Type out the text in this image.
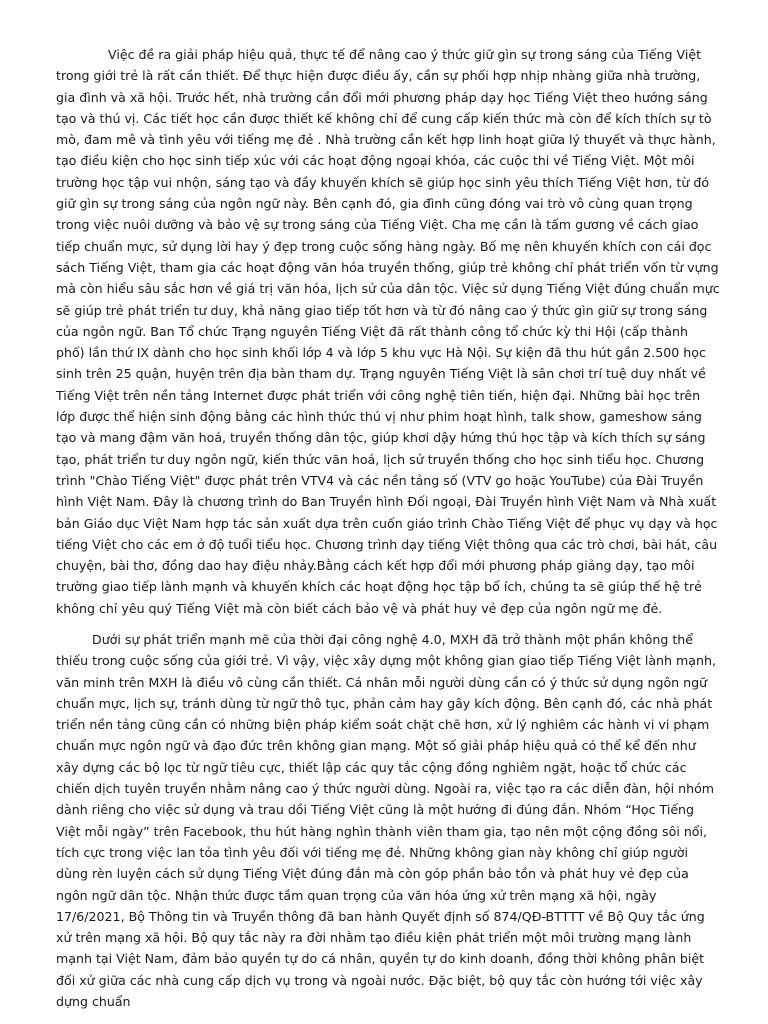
Việc đề ra giải pháp hiệu quả, thực tế để nâng cao ý thức giữ gìn sự trong sáng của Tiếng Việt trong giới trẻ là rất cần thiết. Để thực hiện được điều ấy, cần sự phối hợp nhịp nhàng giữa nhà trường, gia đình và xã hội. Trước hết, nhà trường cần đổi mới phương pháp dạy học Tiếng Việt theo hướng sáng tạo và thú vị. Các tiết học cần được thiết kế không chỉ để cung cấp kiến thức mà còn để kích thích sự tò mò, đam mê và tình yêu với tiếng mẹ đẻ . Nhà trường cần kết hợp linh hoạt giữa lý thuyết và thực hành, tạo điều kiện cho học sinh tiếp xúc với các hoạt động ngoại khóa, các cuộc thi về Tiếng Việt. Một môi trường học tập vui nhộn, sáng tạo và đầy khuyến khích sẽ giúp học sinh yêu thích Tiếng Việt hơn, từ đó giữ gìn sự trong sáng của ngôn ngữ này. Bên cạnh đó, gia đình cũng đóng vai trò vô cùng quan trọng trong việc nuôi dưỡng và bảo vệ sự trong sáng của Tiếng Việt. Cha mẹ cần là tấm gương về cách giao tiếp chuẩn mực, sử dụng lời hay ý đẹp trong cuộc sống hàng ngày. Bố mẹ nên khuyến khích con cái đọc sách Tiếng Việt, tham gia các hoạt động văn hóa truyền thống, giúp trẻ không chỉ phát triển vốn từ vựng mà còn hiểu sâu sắc hơn về giá trị văn hóa, lịch sử của dân tộc. Việc sử dụng Tiếng Việt đúng chuẩn mực sẽ giúp trẻ phát triển tư duy, khả năng giao tiếp tốt hơn và từ đó nâng cao ý thức gìn giữ sự trong sáng của ngôn ngữ. Ban Tổ chức Trạng nguyên Tiếng Việt đã rất thành công tổ chức kỳ thi Hội (cấp thành phố) lần thứ IX dành cho học sinh khối lớp 4 và lớp 5 khu vực Hà Nội. Sự kiện đã thu hút gần 2.500 học sinh trên 25 quận, huyện trên địa bàn tham dự. Trạng nguyên Tiếng Việt là sân chơi trí tuệ duy nhất về Tiếng Việt trên nền tảng Internet được phát triển với công nghệ tiên tiến, hiện đại. Những bài học trên lớp được thể hiện sinh động bằng các hình thức thú vị như phim hoạt hình, talk show, gameshow sáng tạo và mang đậm văn hoá, truyền thống dân tộc, giúp khơi dậy hứng thú học tập và kích thích sự sáng tạo, phát triển tư duy ngôn ngữ, kiến thức văn hoá, lịch sử truyền thống cho học sinh tiểu học. Chương trình "Chào Tiếng Việt" được phát trên VTV4 và các nền tảng số (VTV go hoặc YouTube) của Đài Truyền hình Việt Nam. Đây là chương trình do Ban Truyền hình Đối ngoại, Đài Truyền hình Việt Nam và Nhà xuất bản Giáo dục Việt Nam hợp tác sản xuất dựa trên cuốn giáo trình Chào Tiếng Việt để phục vụ dạy và học tiếng Việt cho các em ở độ tuổi tiểu học. Chương trình dạy tiếng Việt thông qua các trò chơi, bài hát, câu chuyện, bài thơ, đồng dao hay điệu nhảy.Bằng cách kết hợp đổi mới phương pháp giảng dạy, tạo môi trường giao tiếp lành mạnh và khuyến khích các hoạt động học tập bổ ích, chúng ta sẽ giúp thế hệ trẻ không chỉ yêu quý Tiếng Việt mà còn biết cách bảo vệ và phát huy vẻ đẹp của ngôn ngữ mẹ đẻ.

Dưới sự phát triển mạnh mẽ của thời đại công nghệ 4.0, MXH đã trở thành một phần không thể thiếu trong cuộc sống của giới trẻ. Vì vậy, việc xây dựng một không gian giao tiếp Tiếng Việt lành mạnh, văn minh trên MXH là điều vô cùng cần thiết. Cá nhân mỗi người dùng cần có ý thức sử dụng ngôn ngữ chuẩn mực, lịch sự, tránh dùng từ ngữ thô tục, phản cảm hay gây kích động. Bên cạnh đó, các nhà phát triển nền tảng cũng cần có những biện pháp kiểm soát chặt chẽ hơn, xử lý nghiêm các hành vi vi phạm chuẩn mực ngôn ngữ và đạo đức trên không gian mạng. Một số giải pháp hiệu quả có thể kể đến như xây dựng các bộ lọc từ ngữ tiêu cực, thiết lập các quy tắc cộng đồng nghiêm ngặt, hoặc tổ chức các chiến dịch tuyên truyền nhằm nâng cao ý thức người dùng. Ngoài ra, việc tạo ra các diễn đàn, hội nhóm dành riêng cho việc sử dụng và trau dồi Tiếng Việt cũng là một hướng đi đúng đắn. Nhóm “Học Tiếng Việt mỗi ngày” trên Facebook, thu hút hàng nghìn thành viên tham gia, tạo nên một cộng đồng sôi nổi, tích cực trong việc lan tỏa tình yêu đối với tiếng mẹ đẻ. Những không gian này không chỉ giúp người dùng rèn luyện cách sử dụng Tiếng Việt đúng đắn mà còn góp phần bảo tồn và phát huy vẻ đẹp của ngôn ngữ dân tộc. Nhận thức được tầm quan trọng của văn hóa ứng xử trên mạng xã hội, ngày 17/6/2021, Bộ Thông tin và Truyền thông đã ban hành Quyết định số 874/QĐ-BTTTT về Bộ Quy tắc ứng xử trên mạng xã hội. Bộ quy tắc này ra đời nhằm tạo điều kiện phát triển một môi trường mạng lành mạnh tại Việt Nam, đảm bảo quyền tự do cá nhân, quyền tự do kinh doanh, đồng thời không phân biệt đối xử giữa các nhà cung cấp dịch vụ trong và ngoài nước. Đặc biệt, bộ quy tắc còn hướng tới việc xây dựng chuẩn
